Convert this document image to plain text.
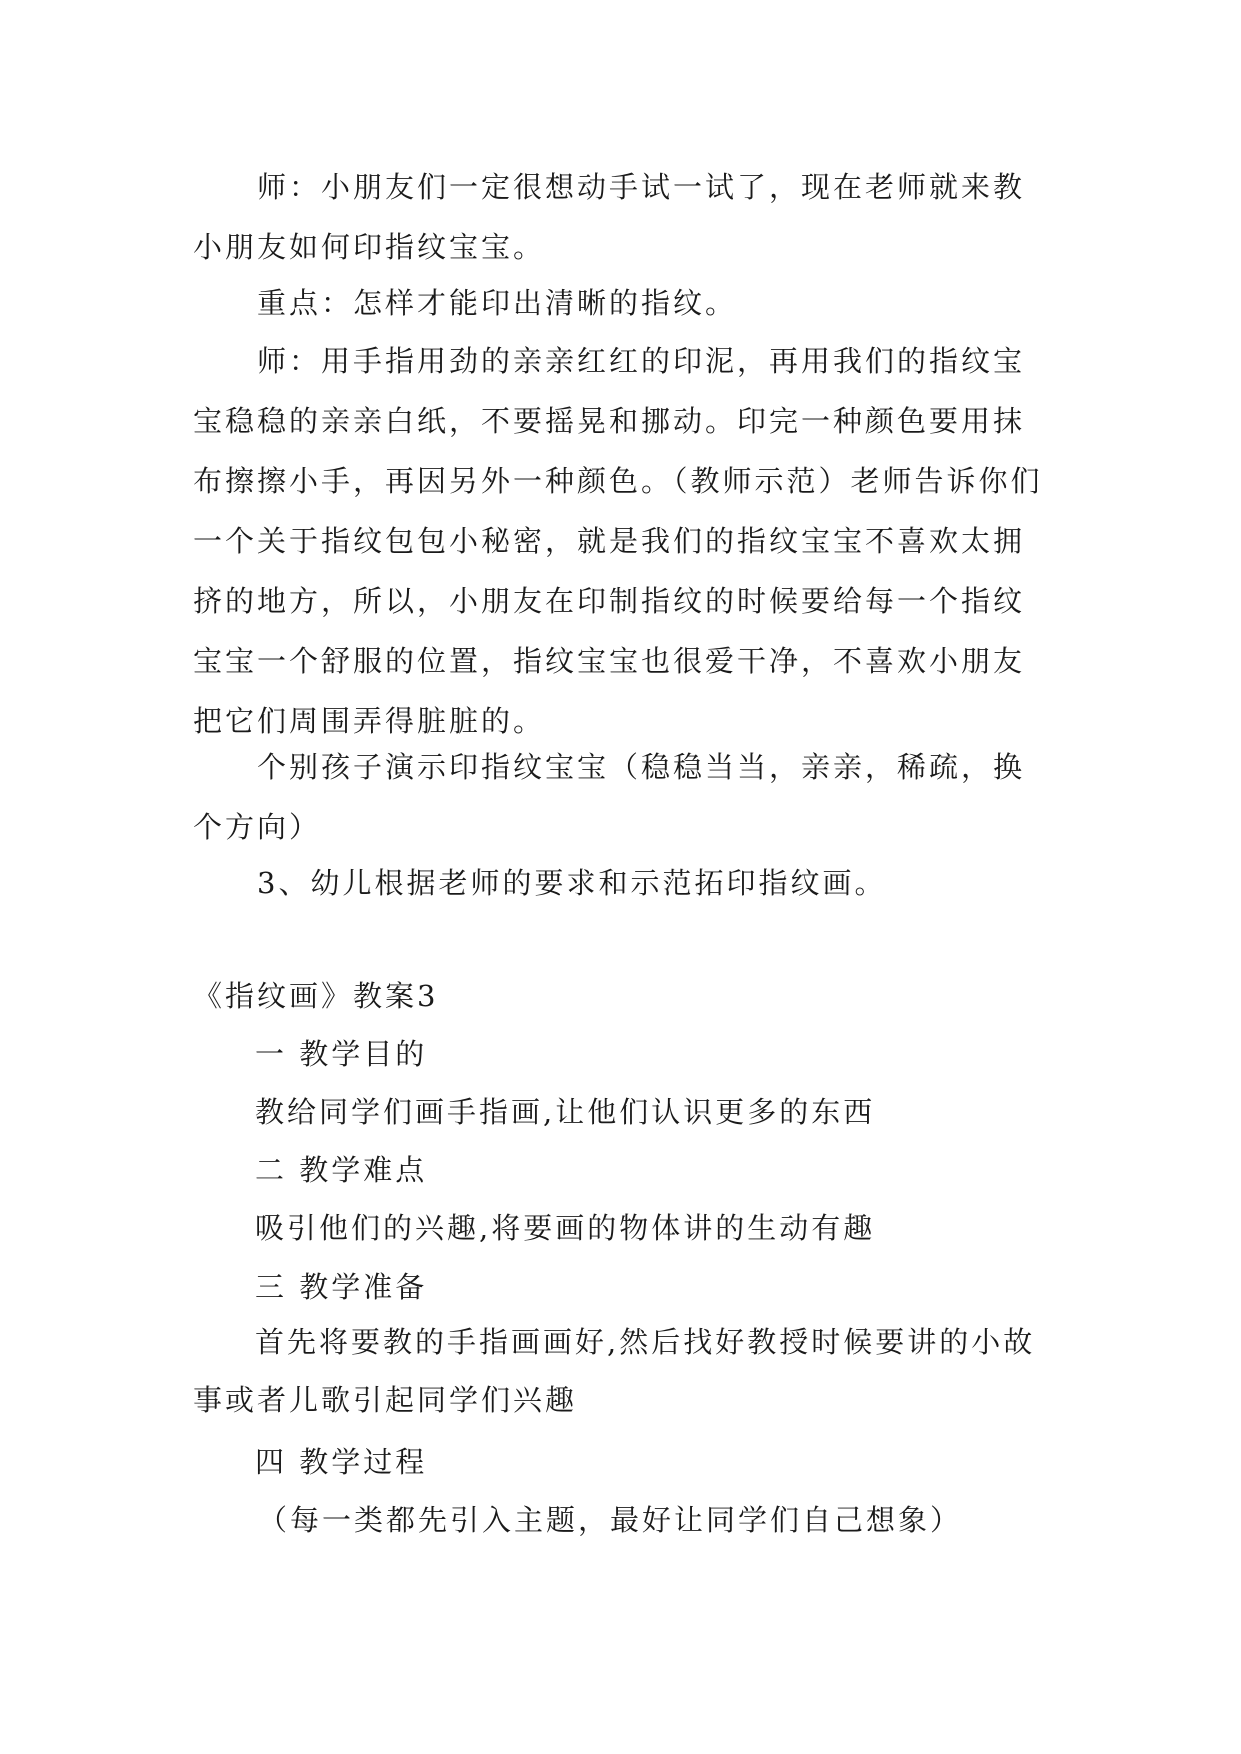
师：小朋友们一定很想动手试一试了，现在老师就来教小朋友如何印指纹宝宝。

重点：怎样才能印出清晰的指纹。

师：用手指用劲的亲亲红红的印泥，再用我们的指纹宝宝稳稳的亲亲白纸，不要摇晃和挪动。印完一种颜色要用抹布擦擦小手，再因另外一种颜色。（教师示范）老师告诉你们一个关于指纹包包小秘密，就是我们的指纹宝宝不喜欢太拥挤的地方，所以，小朋友在印制指纹的时候要给每一个指纹宝宝一个舒服的位置，指纹宝宝也很爱干净，不喜欢小朋友把它们周围弄得脏脏的。

个别孩子演示印指纹宝宝（稳稳当当，亲亲，稀疏，换个方向）

3、幼儿根据老师的要求和示范拓印指纹画。

《指纹画》教案3
一 教学目的
教给同学们画手指画,让他们认识更多的东西
二 教学难点
吸引他们的兴趣,将要画的物体讲的生动有趣
三 教学准备

首先将要教的手指画画好,然后找好教授时候要讲的小故事或者儿歌引起同学们兴趣

四 教学过程
（每一类都先引入主题，最好让同学们自己想象）
